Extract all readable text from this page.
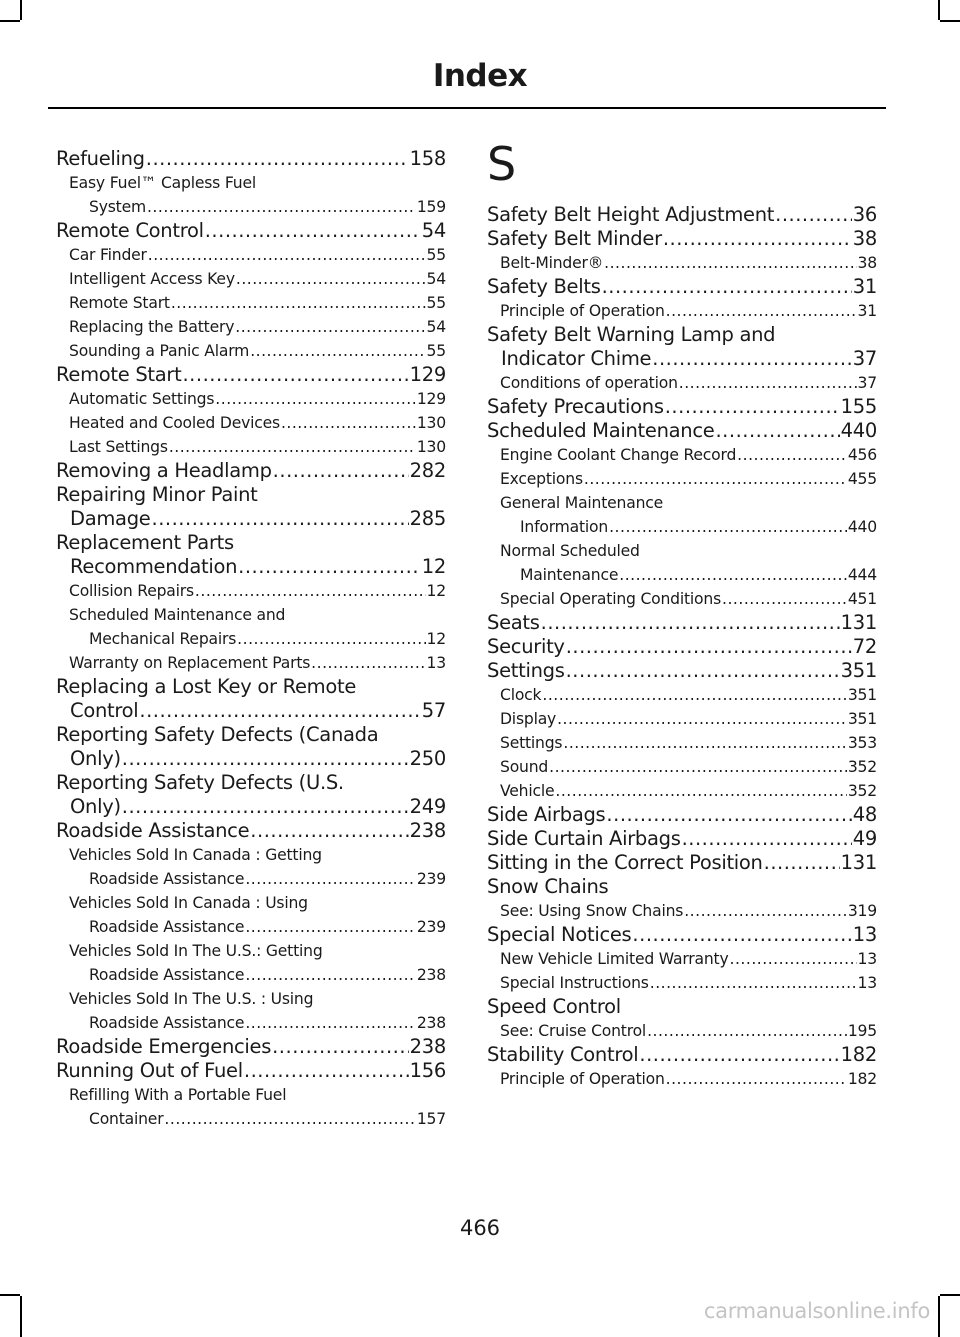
Index
Refueling .....	158
Easy Fuel™ Capless Fuel
System .....	159
Remote Control .....	54
Car Finder .....	55
Intelligent Access Key .....	54
Remote Start .....	55
Replacing the Battery .....	54
Sounding a Panic Alarm .....	55
Remote Start .....	129
Automatic Settings .....	129
Heated and Cooled Devices .....	130
Last Settings .....	130
Removing a Headlamp .....	282
Repairing Minor Paint
Damage .....	285
Replacement Parts
Recommendation .....	12
Collision Repairs .....	12
Scheduled Maintenance and
Mechanical Repairs .....	12
Warranty on Replacement Parts .....	13
Replacing a Lost Key or Remote
Control .....	57
Reporting Safety Defects (Canada
Only) .....	250
Reporting Safety Defects (U.S.
Only) .....	249
Roadside Assistance .....	238
Vehicles Sold In Canada : Getting
Roadside Assistance .....	239
Vehicles Sold In Canada : Using
Roadside Assistance .....	239
Vehicles Sold In The U.S.: Getting
Roadside Assistance .....	238
Vehicles Sold In The U.S. : Using
Roadside Assistance .....	238
Roadside Emergencies .....	238
Running Out of Fuel .....	156
Refilling With a Portable Fuel
Container .....	157
S
Safety Belt Height Adjustment .....	36
Safety Belt Minder .....	38
Belt-Minder® .....	38
Safety Belts .....	31
Principle of Operation .....	31
Safety Belt Warning Lamp and
Indicator Chime .....	37
Conditions of operation .....	37
Safety Precautions .....	155
Scheduled Maintenance .....	440
Engine Coolant Change Record .....	456
Exceptions .....	455
General Maintenance
Information .....	440
Normal Scheduled
Maintenance .....	444
Special Operating Conditions .....	451
Seats .....	131
Security .....	72
Settings .....	351
Clock .....	351
Display .....	351
Settings .....	353
Sound .....	352
Vehicle .....	352
Side Airbags .....	48
Side Curtain Airbags .....	49
Sitting in the Correct Position .....	131
Snow Chains
See: Using Snow Chains .....	319
Special Notices .....	13
New Vehicle Limited Warranty .....	13
Special Instructions .....	13
Speed Control
See: Cruise Control .....	195
Stability Control .....	182
Principle of Operation .....	182
466
carmanualsonline.info
